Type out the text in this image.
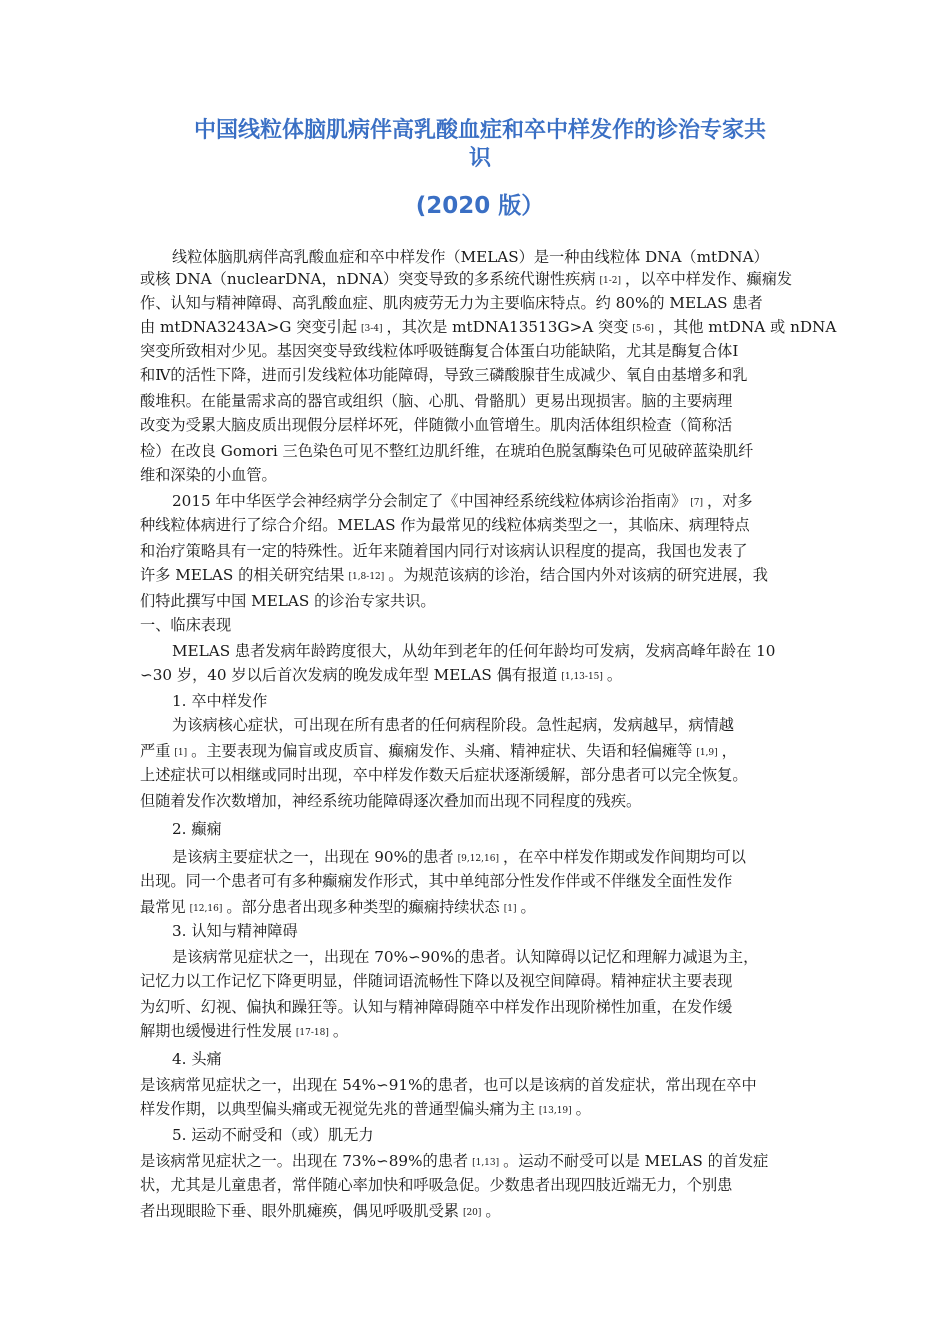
中国线粒体脑肌病伴高乳酸血症和卒中样发作的诊治专家共
识
(2020 版）

线粒体脑肌病伴高乳酸血症和卒中样发作（MELAS）是一种由线粒体 DNA（mtDNA）

或核 DNA（nuclearDNA，nDNA）突变导致的多系统代谢性疾病 [1-2] ，以卒中样发作、癫痫发

作、认知与精神障碍、高乳酸血症、肌肉疲劳无力为主要临床特点。约 80%的 MELAS 患者

由 mtDNA3243A>G 突变引起 [3-4] ，其次是 mtDNA13513G>A 突变 [5-6] ，其他 mtDNA 或 nDNA

突变所致相对少见。基因突变导致线粒体呼吸链酶复合体蛋白功能缺陷，尤其是酶复合体Ⅰ

和Ⅳ的活性下降，进而引发线粒体功能障碍，导致三磷酸腺苷生成减少、氧自由基增多和乳

酸堆积。在能量需求高的器官或组织（脑、心肌、骨骼肌）更易出现损害。脑的主要病理

改变为受累大脑皮质出现假分层样坏死，伴随微小血管增生。肌肉活体组织检查（简称活

检）在改良 Gomori 三色染色可见不整红边肌纤维，在琥珀色脱氢酶染色可见破碎蓝染肌纤

维和深染的小血管。

2015 年中华医学会神经病学分会制定了《中国神经系统线粒体病诊治指南》 [7] ，对多

种线粒体病进行了综合介绍。MELAS 作为最常见的线粒体病类型之一，其临床、病理特点

和治疗策略具有一定的特殊性。近年来随着国内同行对该病认识程度的提高，我国也发表了

许多 MELAS 的相关研究结果 [1,8-12] 。为规范该病的诊治，结合国内外对该病的研究进展，我

们特此撰写中国 MELAS 的诊治专家共识。

一、临床表现

MELAS 患者发病年龄跨度很大，从幼年到老年的任何年龄均可发病，发病高峰年龄在 10

∽30 岁，40 岁以后首次发病的晚发成年型 MELAS 偶有报道 [1,13-15] 。

1. 卒中样发作

为该病核心症状，可出现在所有患者的任何病程阶段。急性起病，发病越早，病情越

严重 [1] 。主要表现为偏盲或皮质盲、癫痫发作、头痛、精神症状、失语和轻偏瘫等 [1,9] ，

上述症状可以相继或同时出现，卒中样发作数天后症状逐渐缓解，部分患者可以完全恢复。

但随着发作次数增加，神经系统功能障碍逐次叠加而出现不同程度的残疾。

2. 癫痫

是该病主要症状之一，出现在 90%的患者 [9,12,16] ，在卒中样发作期或发作间期均可以

出现。同一个患者可有多种癫痫发作形式，其中单纯部分性发作伴或不伴继发全面性发作

最常见 [12,16] 。部分患者出现多种类型的癫痫持续状态 [1] 。

3. 认知与精神障碍

是该病常见症状之一，出现在 70%∽90%的患者。认知障碍以记忆和理解力减退为主，

记忆力以工作记忆下降更明显，伴随词语流畅性下降以及视空间障碍。精神症状主要表现

为幻听、幻视、偏执和躁狂等。认知与精神障碍随卒中样发作出现阶梯性加重，在发作缓

解期也缓慢进行性发展 [17-18] 。

4. 头痛

是该病常见症状之一，出现在 54%∽91%的患者，也可以是该病的首发症状，常出现在卒中

样发作期，以典型偏头痛或无视觉先兆的普通型偏头痛为主 [13,19] 。

5. 运动不耐受和（或）肌无力

是该病常见症状之一。出现在 73%∽89%的患者 [1,13] 。运动不耐受可以是 MELAS 的首发症

状，尤其是儿童患者，常伴随心率加快和呼吸急促。少数患者出现四肢近端无力，个别患

者出现眼睑下垂、眼外肌瘫痪，偶见呼吸肌受累 [20] 。
